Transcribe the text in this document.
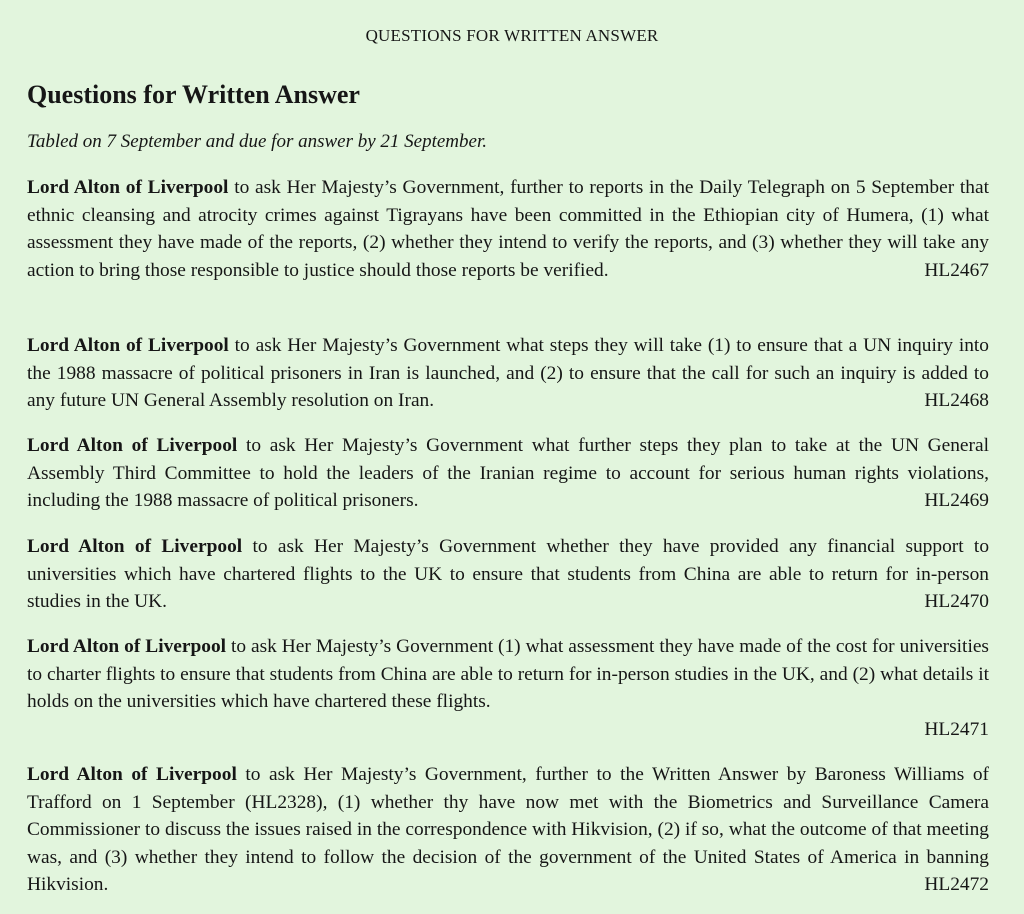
QUESTIONS FOR WRITTEN ANSWER
Questions for Written Answer

Tabled on 7 September and due for answer by 21 September.

Lord Alton of Liverpool to ask Her Majesty’s Government, further to reports in the Daily Telegraph on 5 September that ethnic cleansing and atrocity crimes against Tigrayans have been committed in the Ethiopian city of Humera, (1) what assessment they have made of the reports, (2) whether they intend to verify the reports, and (3) whether they will take any action to bring those responsible to justice should those reports be verified.	HL2467

Lord Alton of Liverpool to ask Her Majesty’s Government what steps they will take (1) to ensure that a UN inquiry into the 1988 massacre of political prisoners in Iran is launched, and (2) to ensure that the call for such an inquiry is added to any future UN General Assembly resolution on Iran.	HL2468

Lord Alton of Liverpool to ask Her Majesty’s Government what further steps they plan to take at the UN General Assembly Third Committee to hold the leaders of the Iranian regime to account for serious human rights violations, including the 1988 massacre of political prisoners.	HL2469

Lord Alton of Liverpool to ask Her Majesty’s Government whether they have provided any financial support to universities which have chartered flights to the UK to ensure that students from China are able to return for in-person studies in the UK.	HL2470

Lord Alton of Liverpool to ask Her Majesty’s Government (1) what assessment they have made of the cost for universities to charter flights to ensure that students from China are able to return for in-person studies in the UK, and (2) what details it holds on the universities which have chartered these flights.
HL2471

Lord Alton of Liverpool to ask Her Majesty’s Government, further to the Written Answer by Baroness Williams of Trafford on 1 September (HL2328), (1) whether thy have now met with the Biometrics and Surveillance Camera Commissioner to discuss the issues raised in the correspondence with Hikvision, (2) if so, what the outcome of that meeting was, and (3) whether they intend to follow the decision of the government of the United States of America in banning Hikvision.	HL2472
